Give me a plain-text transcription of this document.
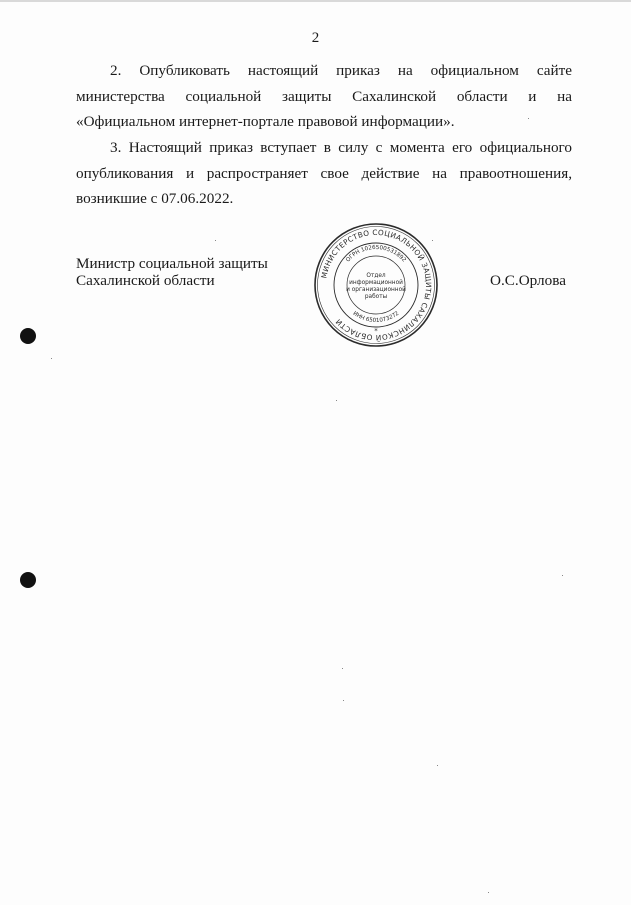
2

2. Опубликовать настоящий приказ на официальном сайте министерства социальной защиты Сахалинской области и на «Официальном интернет-портале правовой информации».

3. Настоящий приказ вступает в силу с момента его официального опубликования и распространяет свое действие на правоотношения, возникшие с 07.06.2022.

Министр социальной защиты
Сахалинской области	О.С.Орлова
МИНИСТЕРСТВО СОЦИАЛЬНОЙ ЗАЩИТЫ САХАЛИНСКОЙ ОБЛАСТИ
ОГРН 1026500531892
ИНН 6501073272
Отдел
информационной
и организационной
работы
*
